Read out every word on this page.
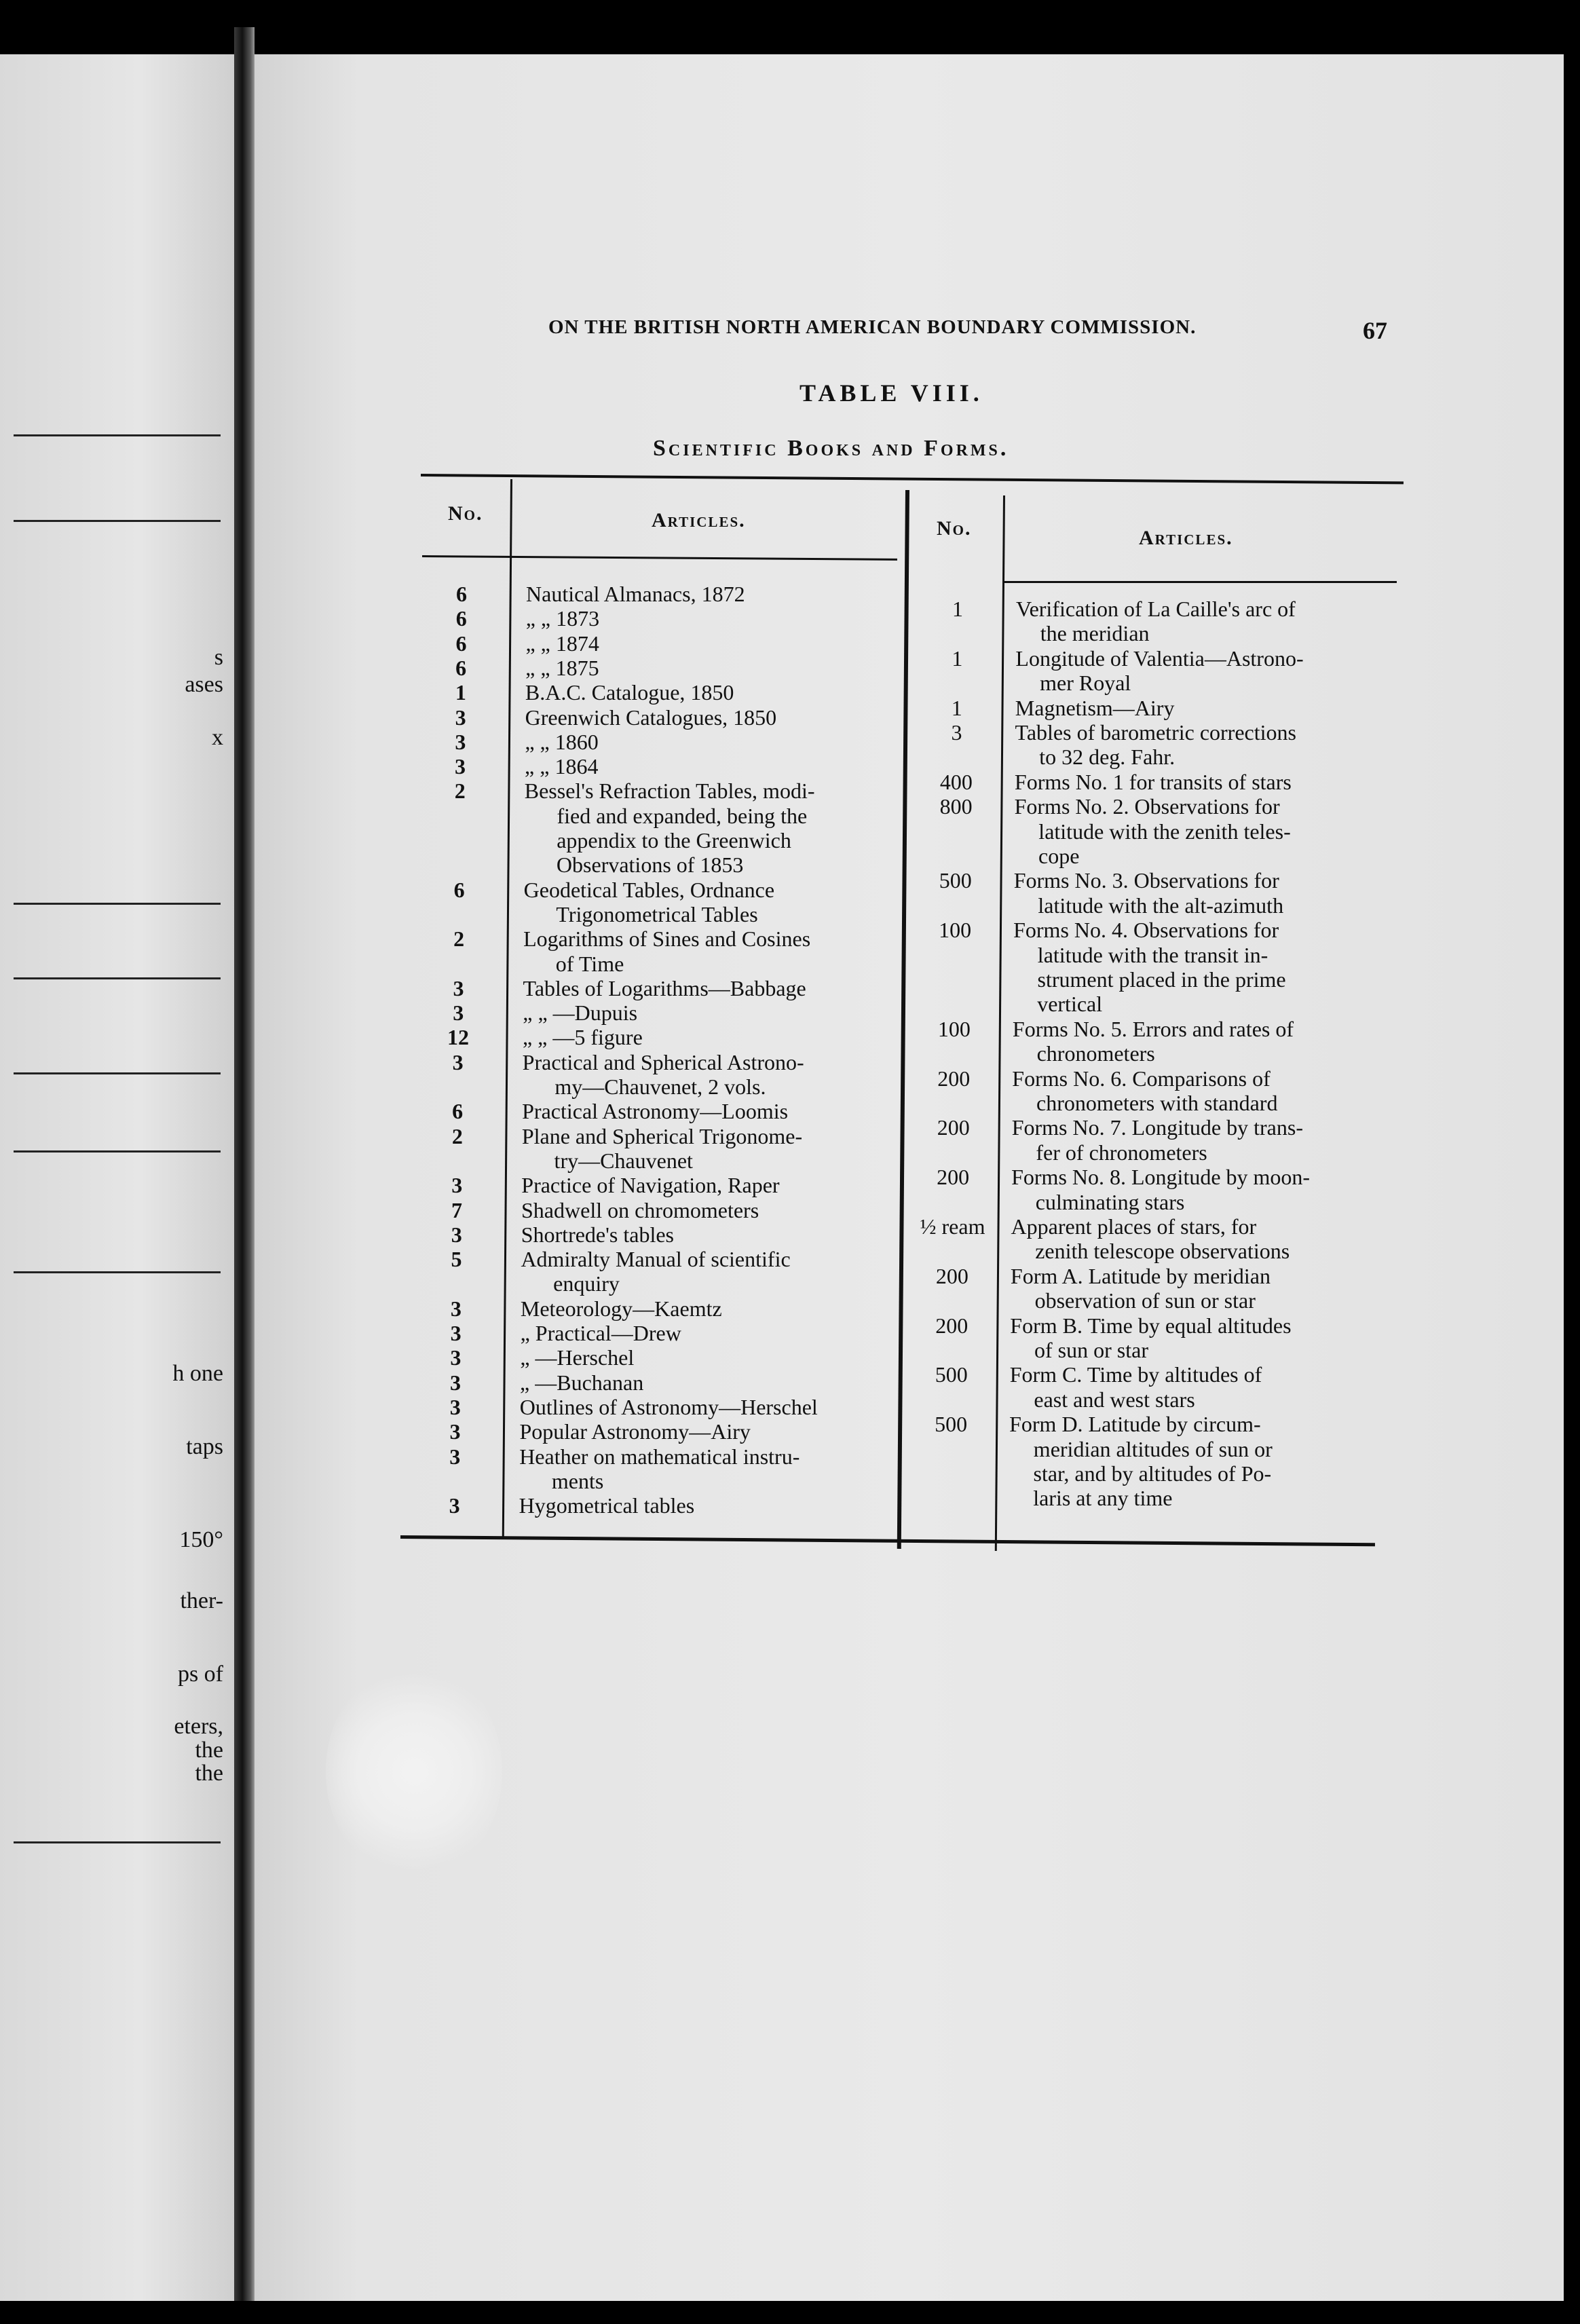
s
ases
x
h one
taps
150°
ther-
ps of
eters,
the
the
ON THE BRITISH NORTH AMERICAN BOUNDARY COMMISSION.	67
TABLE VIII.
Scientific Books and Forms.
No.	Articles.	No.	Articles.
6	Nautical Almanacs, 1872
6	„ „ 1873
6	„ „ 1874
6	„ „ 1875
1	B.A.C. Catalogue, 1850
3	Greenwich Catalogues, 1850
3	„ „ 1860
3	„ „ 1864
2	Bessel's Refraction Tables, modi-
fied and expanded, being the
appendix to the Greenwich
Observations of 1853
6	Geodetical Tables, Ordnance
Trigonometrical Tables
2	Logarithms of Sines and Cosines
of Time
3	Tables of Logarithms—Babbage
3	„ „ —Dupuis
12 „ „ —5 figure
3	Practical and Spherical Astrono-
my—Chauvenet, 2 vols.
6	Practical Astronomy—Loomis
2	Plane and Spherical Trigonome-
try—Chauvenet
3	Practice of Navigation, Raper
7	Shadwell on chromometers
3	Shortrede's tables
5	Admiralty Manual of scientific
enquiry
3	Meteorology—Kaemtz
3	„ Practical—Drew
3	„ —Herschel
3	„ —Buchanan
3	Outlines of Astronomy—Herschel
3	Popular Astronomy—Airy
3	Heather on mathematical instru-
ments
3	Hygometrical tables
1	Verification of La Caille's arc of
the meridian
1	Longitude of Valentia—Astrono-
mer Royal
1	Magnetism—Airy
3	Tables of barometric corrections
to 32 deg. Fahr.
400	Forms No. 1 for transits of stars
800	Forms No. 2. Observations for
latitude with the zenith teles-
cope
500	Forms No. 3. Observations for
latitude with the alt-azimuth
100	Forms No. 4. Observations for
latitude with the transit in-
strument placed in the prime
vertical
100	Forms No. 5. Errors and rates of
chronometers
200	Forms No. 6. Comparisons of
chronometers with standard
200	Forms No. 7. Longitude by trans-
fer of chronometers
200	Forms No. 8. Longitude by moon-
culminating stars
½ ream	Apparent places of stars, for
zenith telescope observations
200	Form A. Latitude by meridian
observation of sun or star
200	Form B. Time by equal altitudes
of sun or star
500	Form C. Time by altitudes of
east and west stars
500	Form D. Latitude by circum-
meridian altitudes of sun or
star, and by altitudes of Po-
laris at any time
